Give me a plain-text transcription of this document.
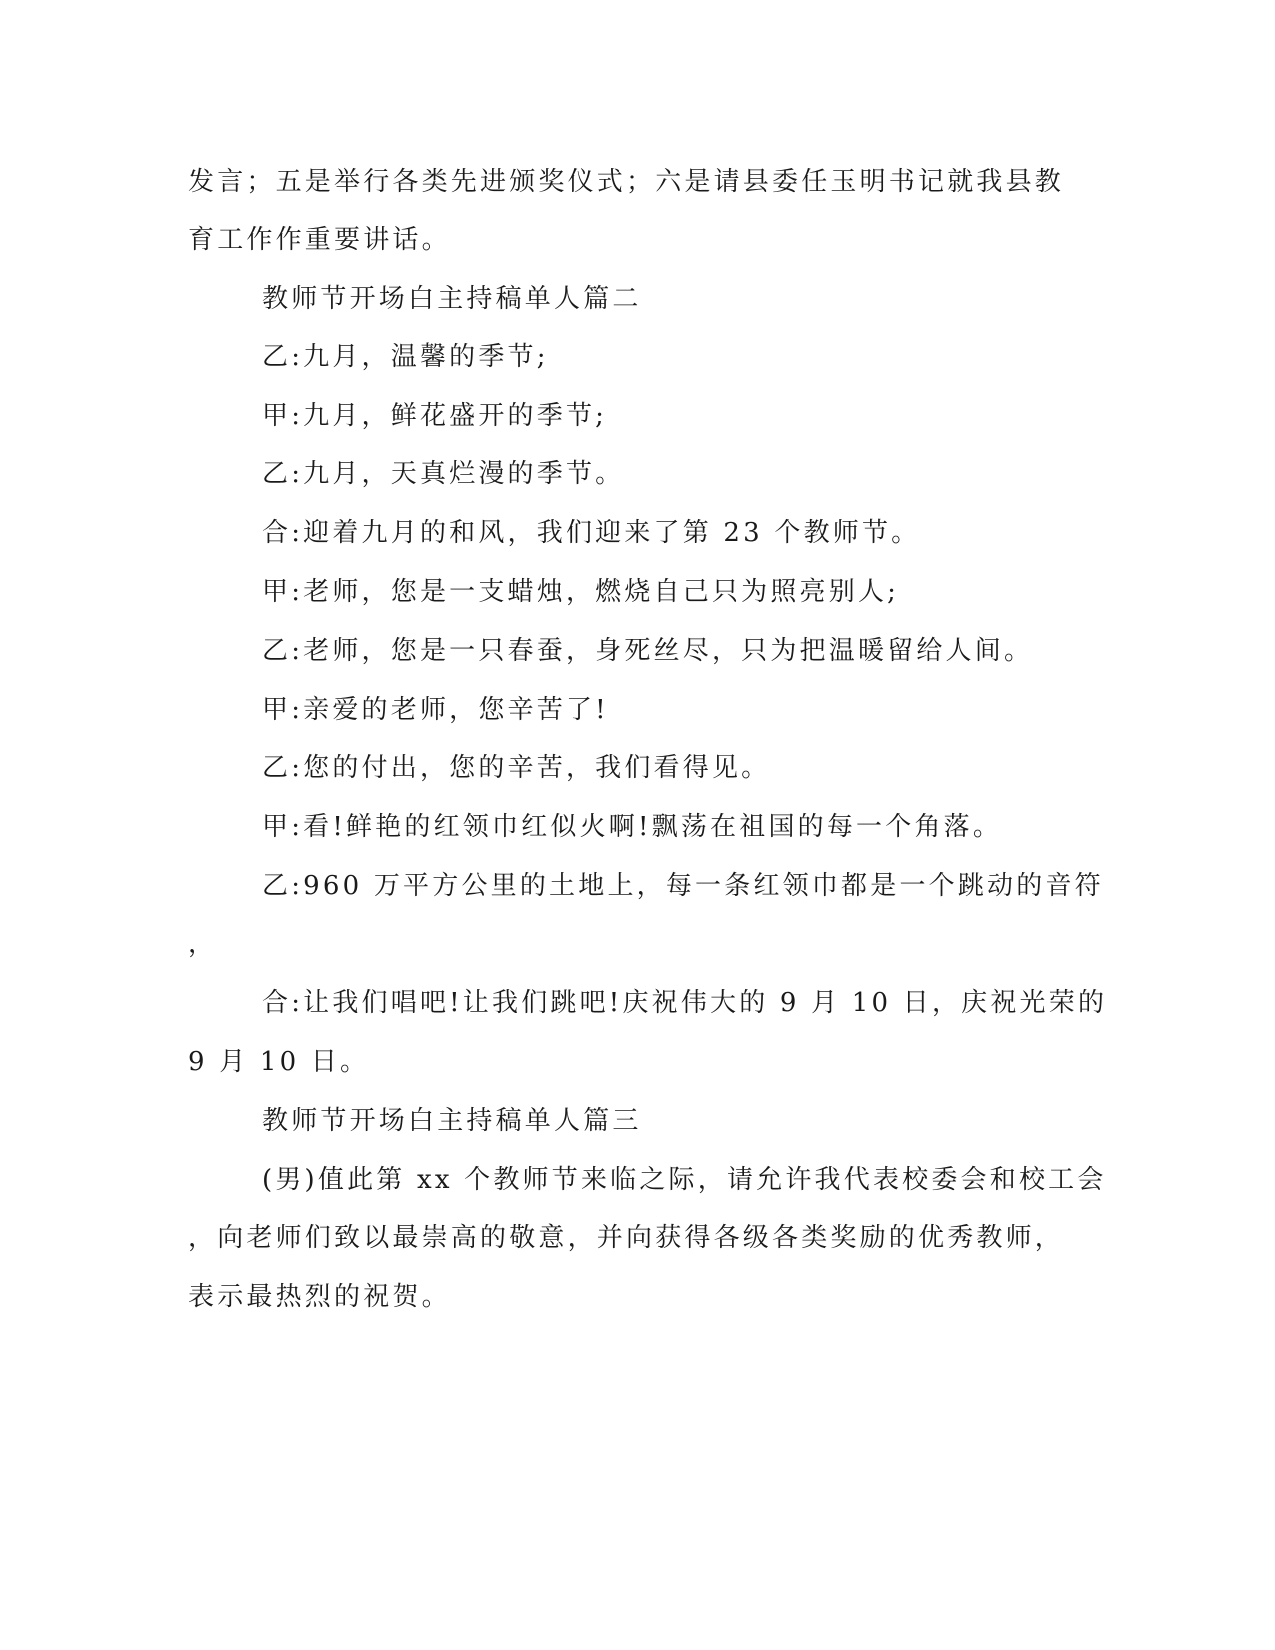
发言；五是举行各类先进颁奖仪式；六是请县委任玉明书记就我县教
育工作作重要讲话。
教师节开场白主持稿单人篇二
乙:九月，温馨的季节;
甲:九月，鲜花盛开的季节;
乙:九月，天真烂漫的季节。
合:迎着九月的和风，我们迎来了第 23 个教师节。
甲:老师，您是一支蜡烛，燃烧自己只为照亮别人;
乙:老师，您是一只春蚕，身死丝尽，只为把温暖留给人间。
甲:亲爱的老师，您辛苦了!
乙:您的付出，您的辛苦，我们看得见。
甲:看!鲜艳的红领巾红似火啊!飘荡在祖国的每一个角落。
乙:960 万平方公里的土地上，每一条红领巾都是一个跳动的音符
，
合:让我们唱吧!让我们跳吧!庆祝伟大的 9 月 10 日，庆祝光荣的
9 月 10 日。
教师节开场白主持稿单人篇三
(男)值此第 xx 个教师节来临之际，请允许我代表校委会和校工会
，向老师们致以最崇高的敬意，并向获得各级各类奖励的优秀教师，
表示最热烈的祝贺。
